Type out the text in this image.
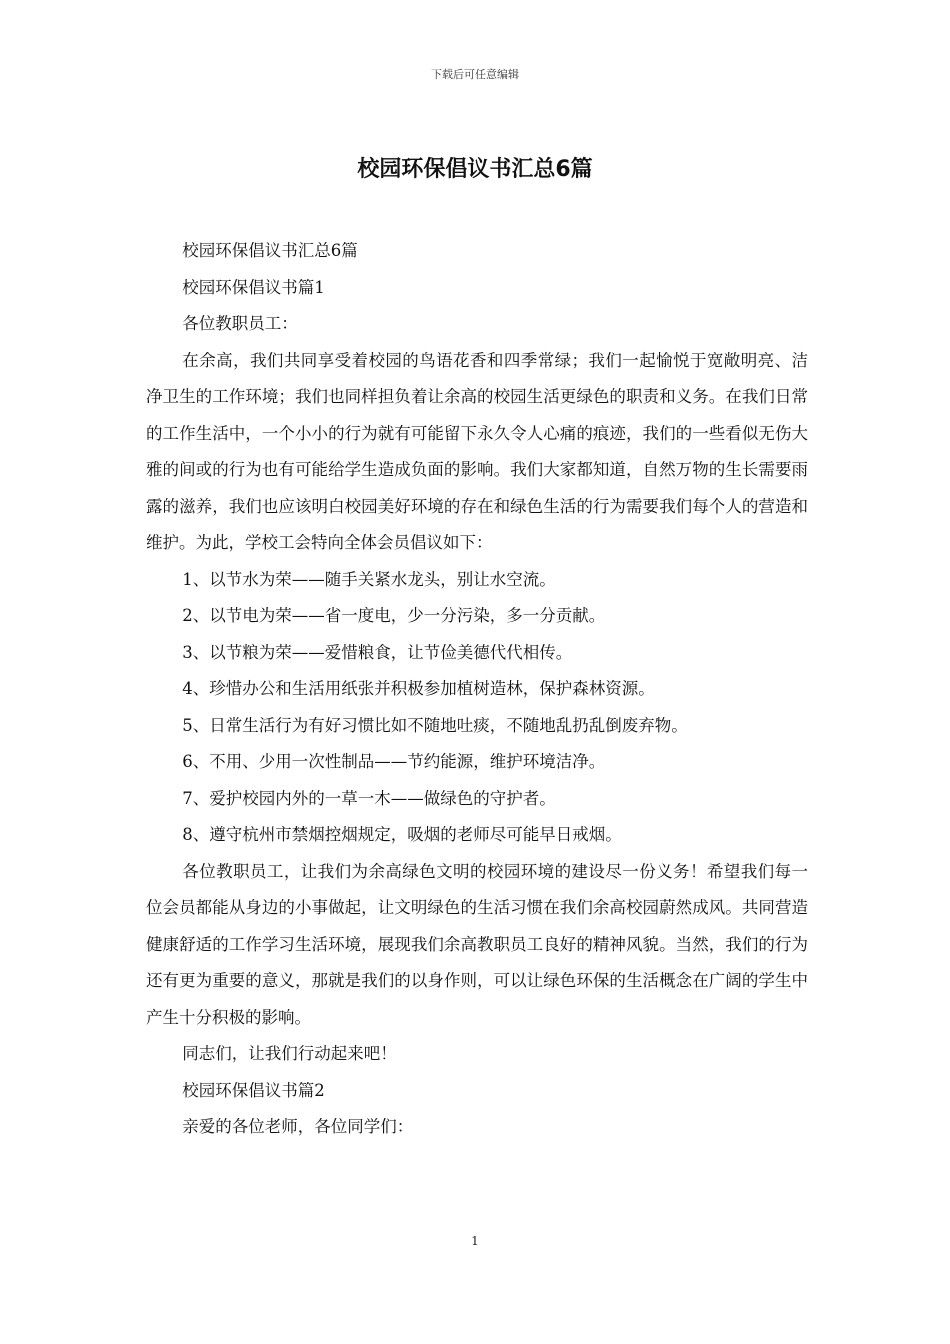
下载后可任意编辑
校园环保倡议书汇总6篇

校园环保倡议书汇总6篇

校园环保倡议书篇1

各位教职员工：

在余高，我们共同享受着校园的鸟语花香和四季常绿；我们一起愉悦于宽敞明亮、洁净卫生的工作环境；我们也同样担负着让余高的校园生活更绿色的职责和义务。在我们日常的工作生活中，一个小小的行为就有可能留下永久令人心痛的痕迹，我们的一些看似无伤大雅的间或的行为也有可能给学生造成负面的影响。我们大家都知道，自然万物的生长需要雨露的滋养，我们也应该明白校园美好环境的存在和绿色生活的行为需要我们每个人的营造和维护。为此，学校工会特向全体会员倡议如下：

1、以节水为荣——随手关紧水龙头，别让水空流。

2、以节电为荣——省一度电，少一分污染，多一分贡献。

3、以节粮为荣——爱惜粮食，让节俭美德代代相传。

4、珍惜办公和生活用纸张并积极参加植树造林，保护森林资源。

5、日常生活行为有好习惯比如不随地吐痰，不随地乱扔乱倒废弃物。

6、不用、少用一次性制品——节约能源，维护环境洁净。

7、爱护校园内外的一草一木——做绿色的守护者。

8、遵守杭州市禁烟控烟规定，吸烟的老师尽可能早日戒烟。

各位教职员工，让我们为余高绿色文明的校园环境的建设尽一份义务！希望我们每一位会员都能从身边的小事做起，让文明绿色的生活习惯在我们余高校园蔚然成风。共同营造健康舒适的工作学习生活环境，展现我们余高教职员工良好的精神风貌。当然，我们的行为还有更为重要的意义，那就是我们的以身作则，可以让绿色环保的生活概念在广阔的学生中产生十分积极的影响。

同志们，让我们行动起来吧！

校园环保倡议书篇2

亲爱的各位老师，各位同学们：

1
